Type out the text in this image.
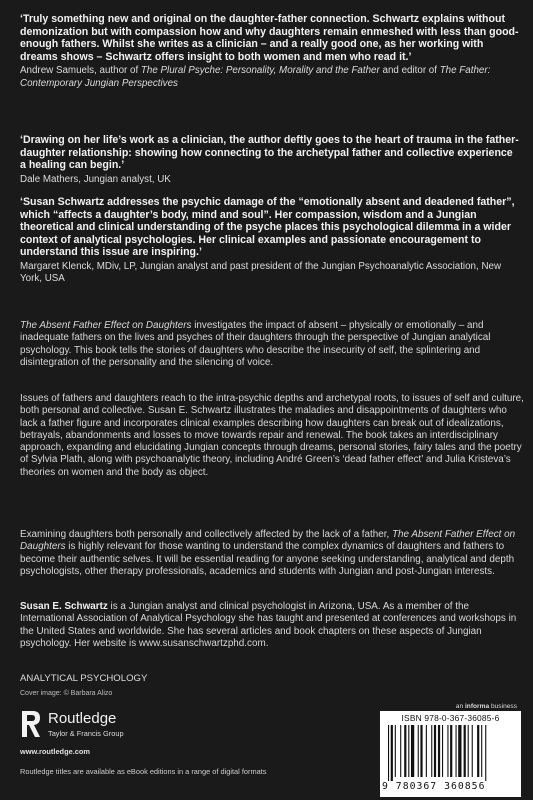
‘Truly something new and original on the daughter-father connection. Schwartz explains without demonization but with compassion how and why daughters remain enmeshed with less than good-enough fathers. Whilst she writes as a clinician – and a really good one, as her working with dreams shows – Schwartz offers insight to both women and men who read it.’
Andrew Samuels, author of The Plural Psyche: Personality, Morality and the Father and editor of The Father: Contemporary Jungian Perspectives
‘Drawing on her life’s work as a clinician, the author deftly goes to the heart of trauma in the father-daughter relationship: showing how connecting to the archetypal father and collective experience a healing can begin.’
Dale Mathers, Jungian analyst, UK
‘Susan Schwartz addresses the psychic damage of the “emotionally absent and deadened father”, which “affects a daughter’s body, mind and soul”. Her compassion, wisdom and a Jungian theoretical and clinical understanding of the psyche places this psychological dilemma in a wider context of analytical psychologies. Her clinical examples and passionate encouragement to understand this issue are inspiring.’
Margaret Klenck, MDiv, LP, Jungian analyst and past president of the Jungian Psychoanalytic Association, New York, USA
The Absent Father Effect on Daughters investigates the impact of absent – physically or emotionally – and inadequate fathers on the lives and psyches of their daughters through the perspective of Jungian analytical psychology. This book tells the stories of daughters who describe the insecurity of self, the splintering and disintegration of the personality and the silencing of voice.
Issues of fathers and daughters reach to the intra-psychic depths and archetypal roots, to issues of self and culture, both personal and collective. Susan E. Schwartz illustrates the maladies and disappointments of daughters who lack a father figure and incorporates clinical examples describing how daughters can break out of idealizations, betrayals, abandonments and losses to move towards repair and renewal. The book takes an interdisciplinary approach, expanding and elucidating Jungian concepts through dreams, personal stories, fairy tales and the poetry of Sylvia Plath, along with psychoanalytic theory, including André Green’s ‘dead father effect’ and Julia Kristeva’s theories on women and the body as object.
Examining daughters both personally and collectively affected by the lack of a father, The Absent Father Effect on Daughters is highly relevant for those wanting to understand the complex dynamics of daughters and fathers to become their authentic selves. It will be essential reading for anyone seeking understanding, analytical and depth psychologists, other therapy professionals, academics and students with Jungian and post-Jungian interests.
Susan E. Schwartz is a Jungian analyst and clinical psychologist in Arizona, USA. As a member of the International Association of Analytical Psychology she has taught and presented at conferences and workshops in the United States and worldwide. She has several articles and book chapters on these aspects of Jungian psychology. Her website is www.susanschwartzphd.com.
ANALYTICAL PSYCHOLOGY
Cover image: © Barbara Alizo
Routledge
Taylor & Francis Group
www.routledge.com
Routledge titles are available as eBook editions in a range of digital formats
an informa business
ISBN 978-0-367-36085-6
9 780367 360856
